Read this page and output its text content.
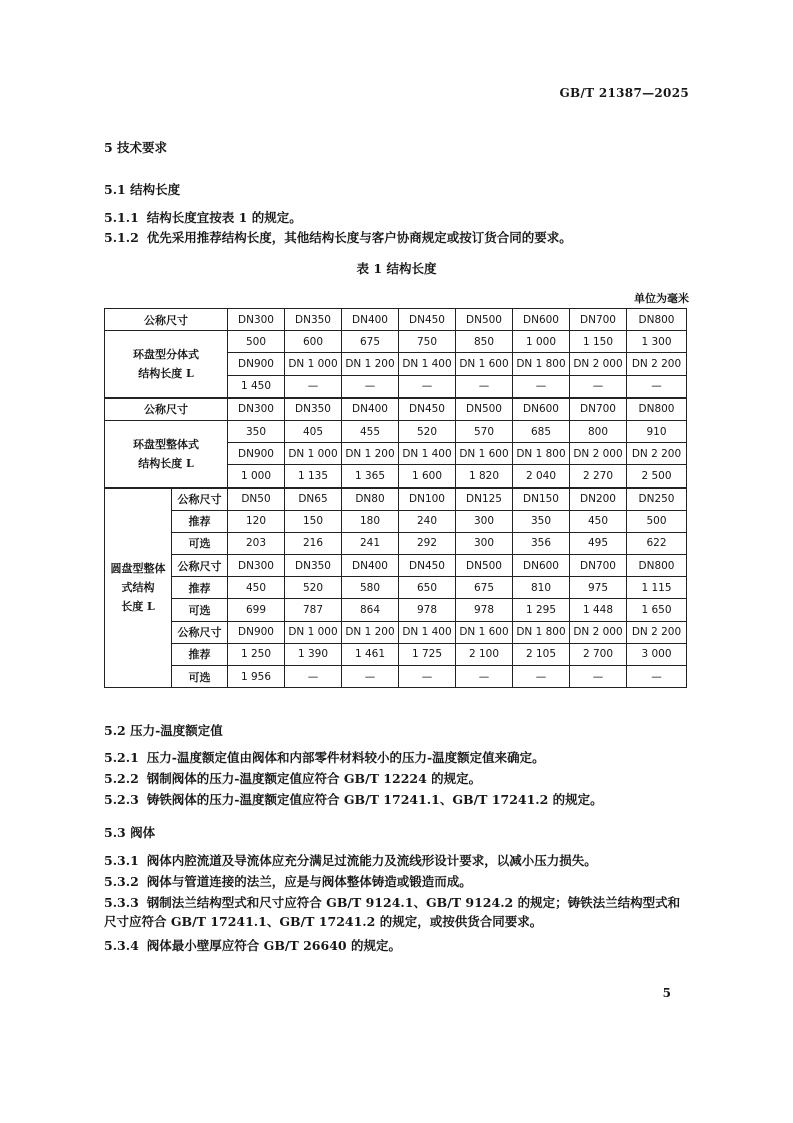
GB/T 21387—2025
5 技术要求
5.1 结构长度
5.1.1 结构长度宜按表 1 的规定。
5.1.2 优先采用推荐结构长度，其他结构长度与客户协商规定或按订货合同的要求。
表 1 结构长度
单位为毫米
公称尺寸		DN300	DN350	DN400	DN450	DN500	DN600	DN700	DN800
环盘型分体式
结构长度 L		500	600	675	750	850	1 000	1 150	1 300
		DN900	DN 1 000	DN 1 200	DN 1 400	DN 1 600	DN 1 800	DN 2 000	DN 2 200
		1 450	—	—	—	—	—	—	—
公称尺寸		DN300	DN350	DN400	DN450	DN500	DN600	DN700	DN800
环盘型整体式
结构长度 L		350	405	455	520	570	685	800	910
		DN900	DN 1 000	DN 1 200	DN 1 400	DN 1 600	DN 1 800	DN 2 000	DN 2 200
		1 000	1 135	1 365	1 600	1 820	2 040	2 270	2 500
圆盘型整体
式结构
长度 L	公称尺寸	DN50	DN65	DN80	DN100	DN125	DN150	DN200	DN250
	推荐	120	150	180	240	300	350	450	500
	可选	203	216	241	292	300	356	495	622
	公称尺寸	DN300	DN350	DN400	DN450	DN500	DN600	DN700	DN800
	推荐	450	520	580	650	675	810	975	1 115
	可选	699	787	864	978	978	1 295	1 448	1 650
	公称尺寸	DN900	DN 1 000	DN 1 200	DN 1 400	DN 1 600	DN 1 800	DN 2 000	DN 2 200
	推荐	1 250	1 390	1 461	1 725	2 100	2 105	2 700	3 000
	可选	1 956	—	—	—	—	—	—	—
5.2 压力-温度额定值
5.2.1 压力-温度额定值由阀体和内部零件材料较小的压力-温度额定值来确定。
5.2.2 钢制阀体的压力-温度额定值应符合 GB/T 12224 的规定。
5.2.3 铸铁阀体的压力-温度额定值应符合 GB/T 17241.1、GB/T 17241.2 的规定。
5.3 阀体
5.3.1 阀体内腔流道及导流体应充分满足过流能力及流线形设计要求，以减小压力损失。
5.3.2 阀体与管道连接的法兰，应是与阀体整体铸造或锻造而成。
5.3.3 钢制法兰结构型式和尺寸应符合 GB/T 9124.1、GB/T 9124.2 的规定；铸铁法兰结构型式和尺寸应符合 GB/T 17241.1、GB/T 17241.2 的规定，或按供货合同要求。
5.3.4 阀体最小壁厚应符合 GB/T 26640 的规定。
5
